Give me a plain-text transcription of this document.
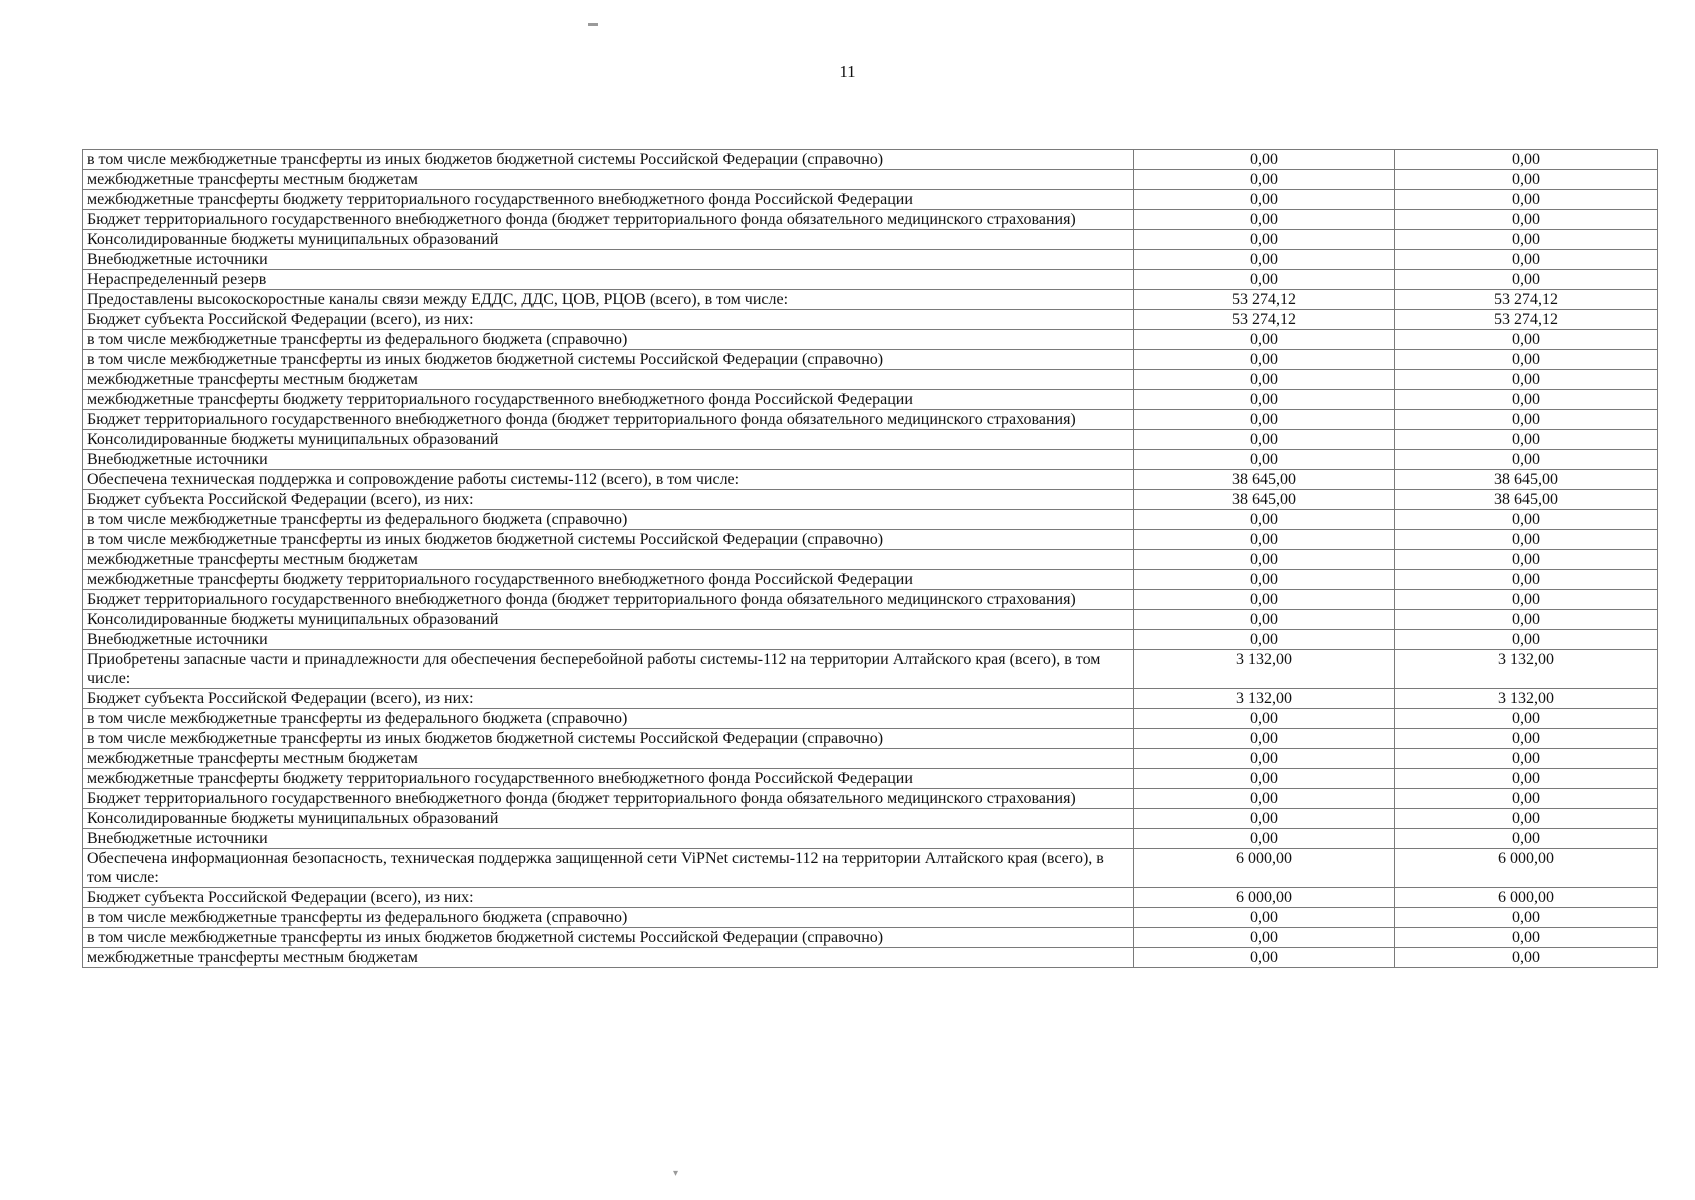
11
▬
▾
в том числе межбюджетные трансферты из иных бюджетов бюджетной системы Российской Федерации (справочно)	0,00	0,00
межбюджетные трансферты местным бюджетам	0,00	0,00
межбюджетные трансферты бюджету территориального государственного внебюджетного фонда Российской Федерации	0,00	0,00
Бюджет территориального государственного внебюджетного фонда (бюджет территориального фонда обязательного медицинского страхования)	0,00	0,00
Консолидированные бюджеты муниципальных образований	0,00	0,00
Внебюджетные источники	0,00	0,00
Нераспределенный резерв	0,00	0,00
Предоставлены высокоскоростные каналы связи между ЕДДС, ДДС, ЦОВ, РЦОВ (всего), в том числе:	53 274,12	53 274,12
Бюджет субъекта Российской Федерации (всего), из них:	53 274,12	53 274,12
в том числе межбюджетные трансферты из федерального бюджета (справочно)	0,00	0,00
в том числе межбюджетные трансферты из иных бюджетов бюджетной системы Российской Федерации (справочно)	0,00	0,00
межбюджетные трансферты местным бюджетам	0,00	0,00
межбюджетные трансферты бюджету территориального государственного внебюджетного фонда Российской Федерации	0,00	0,00
Бюджет территориального государственного внебюджетного фонда (бюджет территориального фонда обязательного медицинского страхования)	0,00	0,00
Консолидированные бюджеты муниципальных образований	0,00	0,00
Внебюджетные источники	0,00	0,00
Обеспечена техническая поддержка и сопровождение работы системы-112 (всего), в том числе:	38 645,00	38 645,00
Бюджет субъекта Российской Федерации (всего), из них:	38 645,00	38 645,00
в том числе межбюджетные трансферты из федерального бюджета (справочно)	0,00	0,00
в том числе межбюджетные трансферты из иных бюджетов бюджетной системы Российской Федерации (справочно)	0,00	0,00
межбюджетные трансферты местным бюджетам	0,00	0,00
межбюджетные трансферты бюджету территориального государственного внебюджетного фонда Российской Федерации	0,00	0,00
Бюджет территориального государственного внебюджетного фонда (бюджет территориального фонда обязательного медицинского страхования)	0,00	0,00
Консолидированные бюджеты муниципальных образований	0,00	0,00
Внебюджетные источники	0,00	0,00
Приобретены запасные части и принадлежности для обеспечения бесперебойной работы системы-112 на территории Алтайского края (всего), в том числе:	3 132,00	3 132,00
Бюджет субъекта Российской Федерации (всего), из них:	3 132,00	3 132,00
в том числе межбюджетные трансферты из федерального бюджета (справочно)	0,00	0,00
в том числе межбюджетные трансферты из иных бюджетов бюджетной системы Российской Федерации (справочно)	0,00	0,00
межбюджетные трансферты местным бюджетам	0,00	0,00
межбюджетные трансферты бюджету территориального государственного внебюджетного фонда Российской Федерации	0,00	0,00
Бюджет территориального государственного внебюджетного фонда (бюджет территориального фонда обязательного медицинского страхования)	0,00	0,00
Консолидированные бюджеты муниципальных образований	0,00	0,00
Внебюджетные источники	0,00	0,00
Обеспечена информационная безопасность, техническая поддержка защищенной сети ViPNet системы-112 на территории Алтайского края (всего), в том числе:	6 000,00	6 000,00
Бюджет субъекта Российской Федерации (всего), из них:	6 000,00	6 000,00
в том числе межбюджетные трансферты из федерального бюджета (справочно)	0,00	0,00
в том числе межбюджетные трансферты из иных бюджетов бюджетной системы Российской Федерации (справочно)	0,00	0,00
межбюджетные трансферты местным бюджетам	0,00	0,00
